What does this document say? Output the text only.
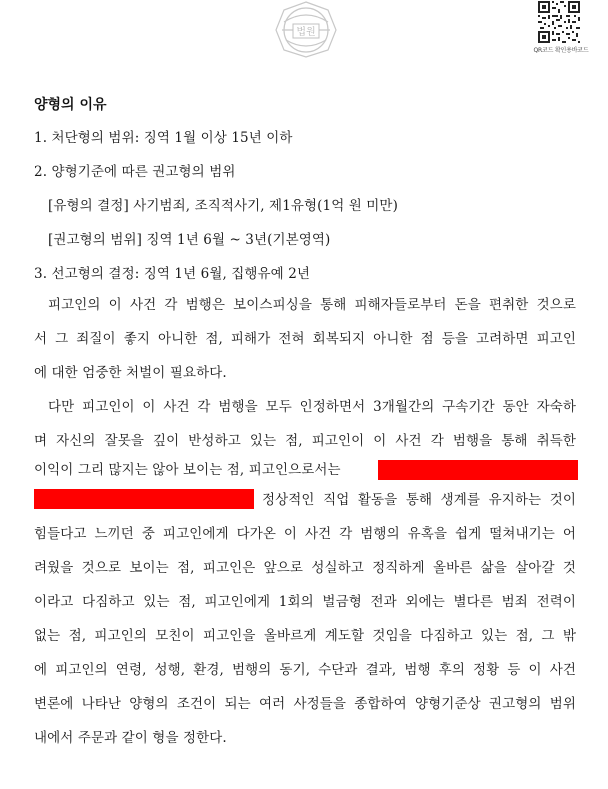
법원
QR코드 확인용바코드
양형의 이유
1. 처단형의 범위: 징역 1월 이상 15년 이하
2. 양형기준에 따른 권고형의 범위
[유형의 결정] 사기범죄, 조직적사기, 제1유형(1억 원 미만)
[권고형의 범위] 징역 1년 6월 ~ 3년(기본영역)
3. 선고형의 결정: 징역 1년 6월, 집행유예 2년
피고인의 이 사건 각 범행은 보이스피싱을 통해 피해자들로부터 돈을 편취한 것으로
서 그 죄질이 좋지 아니한 점, 피해가 전혀 회복되지 아니한 점 등을 고려하면 피고인
에 대한 엄중한 처벌이 필요하다.
다만 피고인이 이 사건 각 범행을 모두 인정하면서 3개월간의 구속기간 동안 자숙하
며 자신의 잘못을 깊이 반성하고 있는 점, 피고인이 이 사건 각 범행을 통해 취득한
이익이 그리 많지는 않아 보이는 점, 피고인으로서는
정상적인 직업 활동을 통해 생계를 유지하는 것이
힘들다고 느끼던 중 피고인에게 다가온 이 사건 각 범행의 유혹을 쉽게 떨쳐내기는 어
려웠을 것으로 보이는 점, 피고인은 앞으로 성실하고 정직하게 올바른 삶을 살아갈 것
이라고 다짐하고 있는 점, 피고인에게 1회의 벌금형 전과 외에는 별다른 범죄 전력이
없는 점, 피고인의 모친이 피고인을 올바르게 계도할 것임을 다짐하고 있는 점, 그 밖
에 피고인의 연령, 성행, 환경, 범행의 동기, 수단과 결과, 범행 후의 정황 등 이 사건
변론에 나타난 양형의 조건이 되는 여러 사정들을 종합하여 양형기준상 권고형의 범위
내에서 주문과 같이 형을 정한다.
